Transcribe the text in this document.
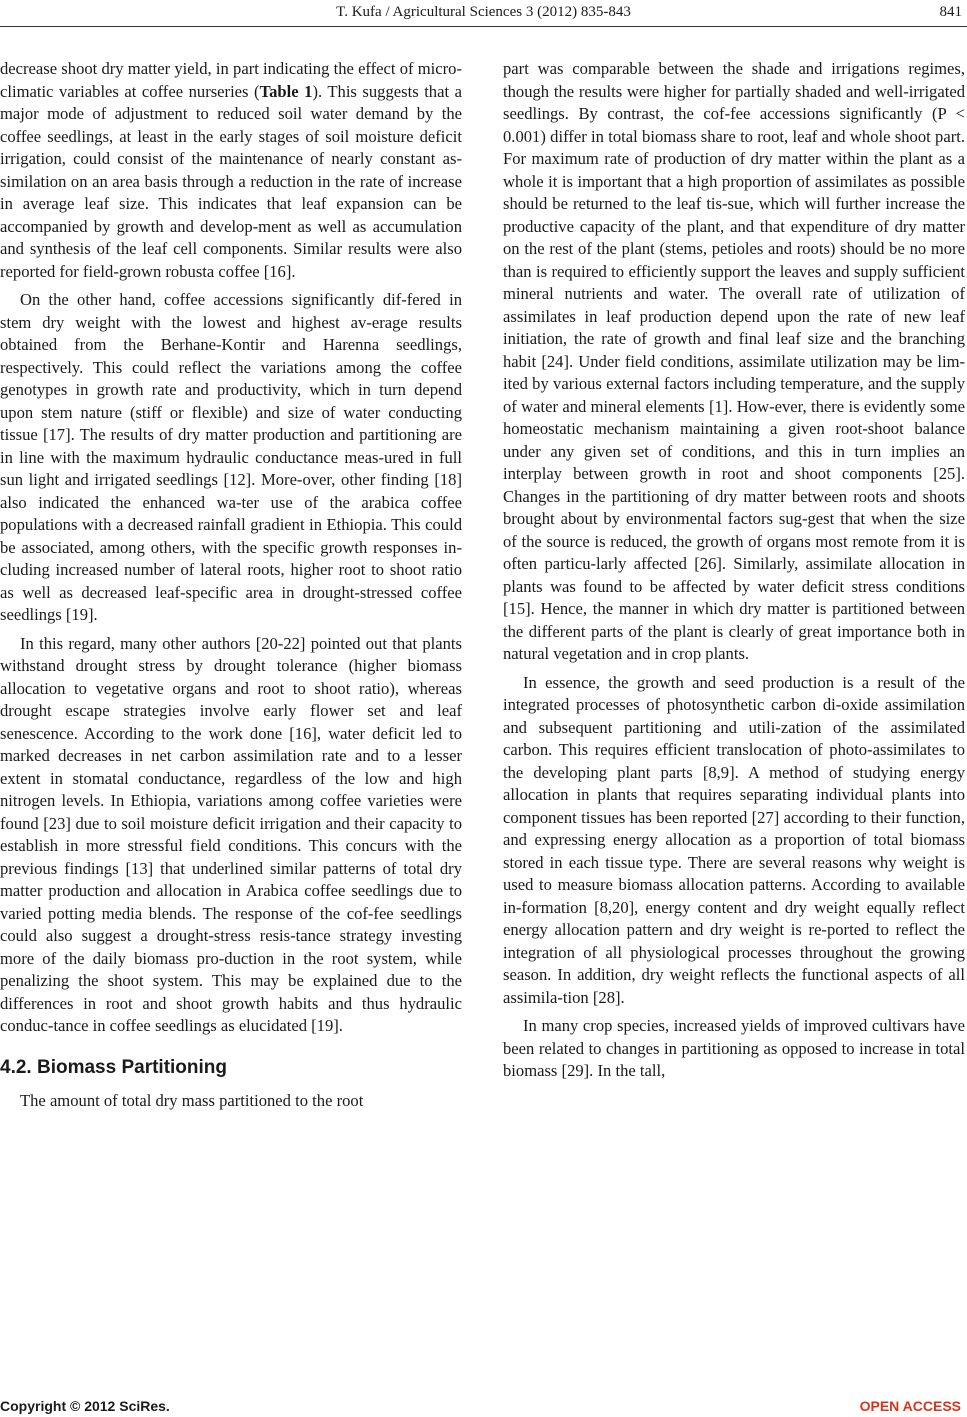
T. Kufa / Agricultural Sciences 3 (2012) 835-843	841

decrease shoot dry matter yield, in part indicating the effect of micro-climatic variables at coffee nurseries (Table 1). This suggests that a major mode of adjustment to reduced soil water demand by the coffee seedlings, at least in the early stages of soil moisture deficit irrigation, could consist of the maintenance of nearly constant as-similation on an area basis through a reduction in the rate of increase in average leaf size. This indicates that leaf expansion can be accompanied by growth and develop-ment as well as accumulation and synthesis of the leaf cell components. Similar results were also reported for field-grown robusta coffee [16].

On the other hand, coffee accessions significantly dif-fered in stem dry weight with the lowest and highest av-erage results obtained from the Berhane-Kontir and Harenna seedlings, respectively. This could reflect the variations among the coffee genotypes in growth rate and productivity, which in turn depend upon stem nature (stiff or flexible) and size of water conducting tissue [17]. The results of dry matter production and partitioning are in line with the maximum hydraulic conductance meas-ured in full sun light and irrigated seedlings [12]. More-over, other finding [18] also indicated the enhanced wa-ter use of the arabica coffee populations with a decreased rainfall gradient in Ethiopia. This could be associated, among others, with the specific growth responses in-cluding increased number of lateral roots, higher root to shoot ratio as well as decreased leaf-specific area in drought-stressed coffee seedlings [19].

In this regard, many other authors [20-22] pointed out that plants withstand drought stress by drought tolerance (higher biomass allocation to vegetative organs and root to shoot ratio), whereas drought escape strategies involve early flower set and leaf senescence. According to the work done [16], water deficit led to marked decreases in net carbon assimilation rate and to a lesser extent in stomatal conductance, regardless of the low and high nitrogen levels. In Ethiopia, variations among coffee varieties were found [23] due to soil moisture deficit irrigation and their capacity to establish in more stressful field conditions. This concurs with the previous findings [13] that underlined similar patterns of total dry matter production and allocation in Arabica coffee seedlings due to varied potting media blends. The response of the cof-fee seedlings could also suggest a drought-stress resis-tance strategy investing more of the daily biomass pro-duction in the root system, while penalizing the shoot system. This may be explained due to the differences in root and shoot growth habits and thus hydraulic conduc-tance in coffee seedlings as elucidated [19].

4.2. Biomass Partitioning

The amount of total dry mass partitioned to the root

part was comparable between the shade and irrigations regimes, though the results were higher for partially shaded and well-irrigated seedlings. By contrast, the cof-fee accessions significantly (P < 0.001) differ in total biomass share to root, leaf and whole shoot part. For maximum rate of production of dry matter within the plant as a whole it is important that a high proportion of assimilates as possible should be returned to the leaf tis-sue, which will further increase the productive capacity of the plant, and that expenditure of dry matter on the rest of the plant (stems, petioles and roots) should be no more than is required to efficiently support the leaves and supply sufficient mineral nutrients and water. The overall rate of utilization of assimilates in leaf production depend upon the rate of new leaf initiation, the rate of growth and final leaf size and the branching habit [24]. Under field conditions, assimilate utilization may be lim-ited by various external factors including temperature, and the supply of water and mineral elements [1]. How-ever, there is evidently some homeostatic mechanism maintaining a given root-shoot balance under any given set of conditions, and this in turn implies an interplay between growth in root and shoot components [25]. Changes in the partitioning of dry matter between roots and shoots brought about by environmental factors sug-gest that when the size of the source is reduced, the growth of organs most remote from it is often particu-larly affected [26]. Similarly, assimilate allocation in plants was found to be affected by water deficit stress conditions [15]. Hence, the manner in which dry matter is partitioned between the different parts of the plant is clearly of great importance both in natural vegetation and in crop plants.

In essence, the growth and seed production is a result of the integrated processes of photosynthetic carbon di-oxide assimilation and subsequent partitioning and utili-zation of the assimilated carbon. This requires efficient translocation of photo-assimilates to the developing plant parts [8,9]. A method of studying energy allocation in plants that requires separating individual plants into component tissues has been reported [27] according to their function, and expressing energy allocation as a proportion of total biomass stored in each tissue type. There are several reasons why weight is used to measure biomass allocation patterns. According to available in-formation [8,20], energy content and dry weight equally reflect energy allocation pattern and dry weight is re-ported to reflect the integration of all physiological processes throughout the growing season. In addition, dry weight reflects the functional aspects of all assimila-tion [28].

In many crop species, increased yields of improved cultivars have been related to changes in partitioning as opposed to increase in total biomass [29]. In the tall,

Copyright © 2012 SciRes.	OPEN ACCESS
